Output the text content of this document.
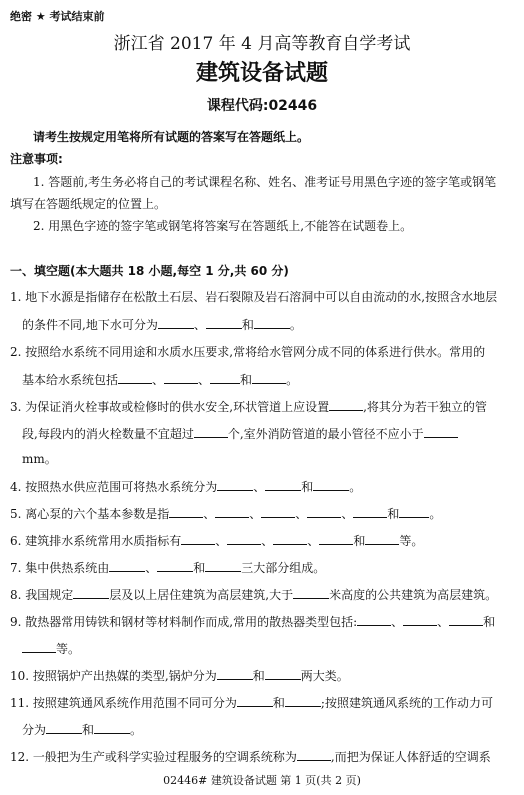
绝密 ★ 考试结束前
浙江省 2017 年 4 月高等教育自学考试
建筑设备试题
课程代码:02446
请考生按规定用笔将所有试题的答案写在答题纸上。
注意事项:
1. 答题前,考生务必将自己的考试课程名称、姓名、准考证号用黑色字迹的签字笔或钢笔
填写在答题纸规定的位置上。
2. 用黑色字迹的签字笔或钢笔将答案写在答题纸上,不能答在试题卷上。
一、填空题(本大题共 18 小题,每空 1 分,共 60 分)
1. 地下水源是指储存在松散土石层、岩石裂隙及岩石溶洞中可以自由流动的水,按照含水地层
的条件不同,地下水可分为	、	和	。
2. 按照给水系统不同用途和水质水压要求,常将给水管网分成不同的体系进行供水。常用的
基本给水系统包括	、	、	和	。
3. 为保证消火栓事故或检修时的供水安全,环状管道上应设置	,将其分为若干独立的管
段,每段内的消火栓数量不宜超过	个,室外消防管道的最小管径不应小于
mm。
4. 按照热水供应范围可将热水系统分为	、	和	。
5. 离心泵的六个基本参数是指	、	、	、	、	和	。
6. 建筑排水系统常用水质指标有	、	、	、	和	等。
7. 集中供热系统由	、	和	三大部分组成。
8. 我国规定	层及以上居住建筑为高层建筑,大于	米高度的公共建筑为高层建筑。
9. 散热器常用铸铁和钢材等材料制作而成,常用的散热器类型包括:	、	、	和
等。
10. 按照锅炉产出热媒的类型,锅炉分为	和	两大类。
11. 按照建筑通风系统作用范围不同可分为	和	;按照建筑通风系统的工作动力可
分为	和	。
12. 一般把为生产或科学实验过程服务的空调系统称为	,而把为保证人体舒适的空调系
02446# 建筑设备试题 第 1 页(共 2 页)
